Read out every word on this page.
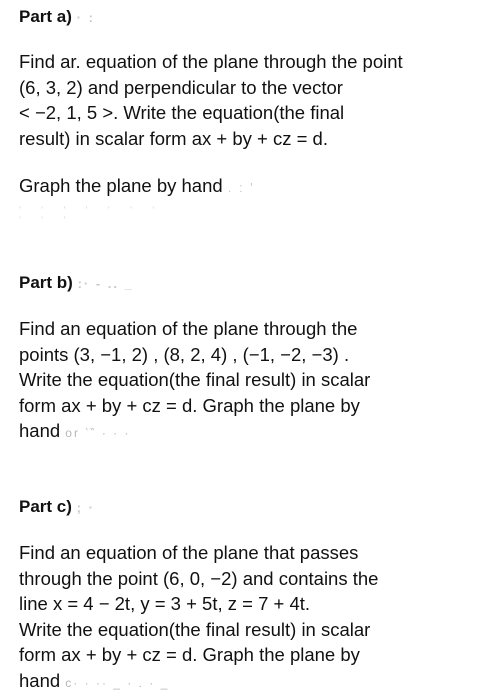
Part a) · :

Find ar. equation of the plane through the point

(6, 3, 2) and perpendicular to the vector

< −2, 1, 5 >. Write the equation(the final

result) in scalar form ax + by + cz = d.

Graph the plane by hand . : '

' ' ' ' ' ' ' ' ' '

Part b) :· - .. _

Find an equation of the plane through the

points (3, −1, 2) , (8, 2, 4) , (−1, −2, −3) .

Write the equation(the final result) in scalar

form ax + by + cz = d. Graph the plane by

hand or ‵‶ · · ·

Part c) ; ·

Find an equation of the plane that passes

through the point (6, 0, −2) and contains the

line x = 4 − 2t, y = 3 + 5t, z = 7 + 4t.

Write the equation(the final result) in scalar

form ax + by + cz = d. Graph the plane by

hand c· · ·· _ · . · _
